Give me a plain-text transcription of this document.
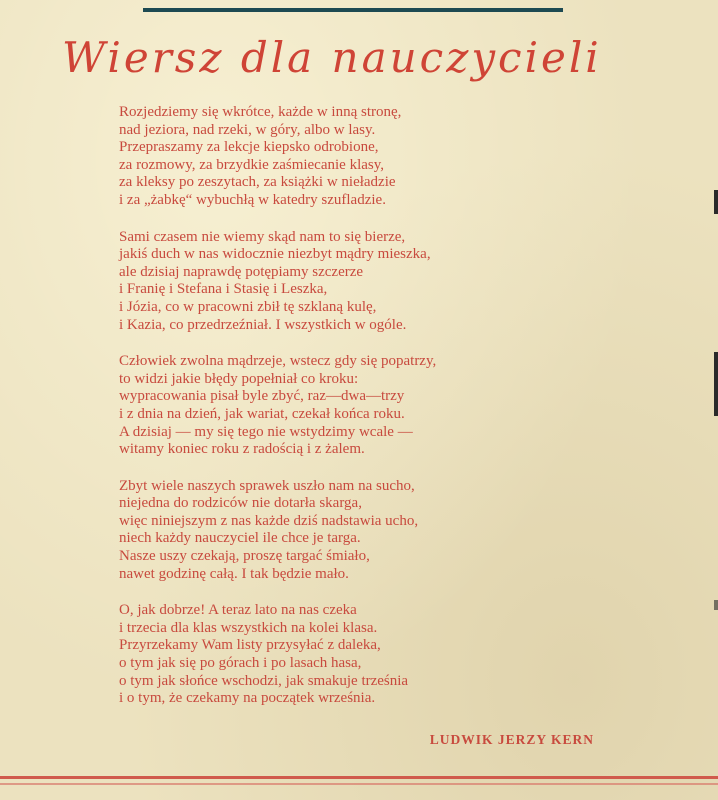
Wiersz dla nauczycieli
Rozjedziemy się wkrótce, każde w inną stronę,
nad jeziora, nad rzeki, w góry, albo w lasy.
Przepraszamy za lekcje kiepsko odrobione,
za rozmowy, za brzydkie zaśmiecanie klasy,
za kleksy po zeszytach, za książki w nieładzie
i za „żabkę“ wybuchłą w katedry szufladzie.
Sami czasem nie wiemy skąd nam to się bierze,
jakiś duch w nas widocznie niezbyt mądry mieszka,
ale dzisiaj naprawdę potępiamy szczerze
i Franię i Stefana i Stasię i Leszka,
i Józia, co w pracowni zbił tę szklaną kulę,
i Kazia, co przedrzeźniał. I wszystkich w ogóle.
Człowiek zwolna mądrzeje, wstecz gdy się popatrzy,
to widzi jakie błędy popełniał co kroku:
wypracowania pisał byle zbyć, raz—dwa—trzy
i z dnia na dzień, jak wariat, czekał końca roku.
A dzisiaj — my się tego nie wstydzimy wcale —
witamy koniec roku z radością i z żalem.
Zbyt wiele naszych sprawek uszło nam na sucho,
niejedna do rodziców nie dotarła skarga,
więc niniejszym z nas każde dziś nadstawia ucho,
niech każdy nauczyciel ile chce je targa.
Nasze uszy czekają, proszę targać śmiało,
nawet godzinę całą. I tak będzie mało.
O, jak dobrze! A teraz lato na nas czeka
i trzecia dla klas wszystkich na kolei klasa.
Przyrzekamy Wam listy przysyłać z daleka,
o tym jak się po górach i po lasach hasa,
o tym jak słońce wschodzi, jak smakuje trześnia
i o tym, że czekamy na początek września.
LUDWIK JERZY KERN
